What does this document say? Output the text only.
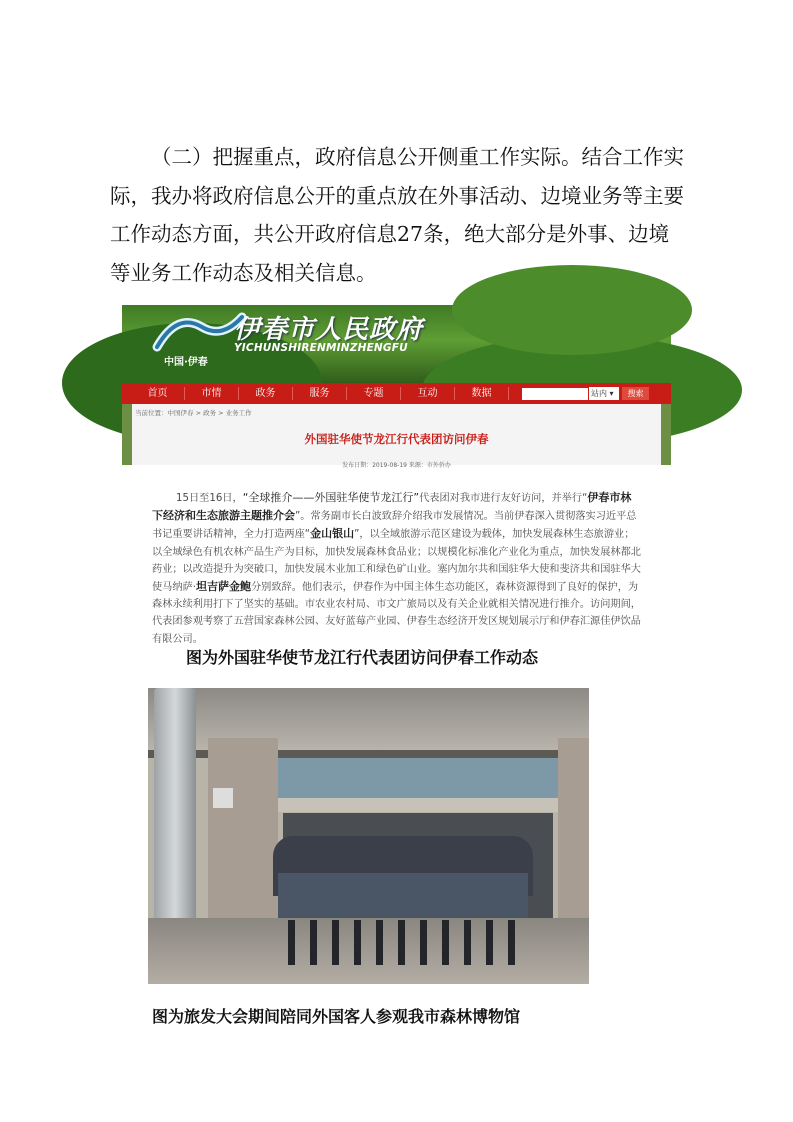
（二）把握重点，政府信息公开侧重工作实际。结合工作实
际，我办将政府信息公开的重点放在外事活动、边境业务等主要
工作动态方面，共公开政府信息27条，绝大部分是外事、边境
等业务工作动态及相关信息。
伊春市人民政府
YICHUNSHIRENMINZHENGFU
中国·伊春
首页	市情	政务	服务	专题	互动	数据	站内 ▾	搜索
当前位置：中国伊春 > 政务 > 业务工作
外国驻华使节龙江行代表团访问伊春
发布日期：2019-08-19 来源：市外侨办

15日至16日，“全球推介——外国驻华使节龙江行”代表团对我市进行友好访问，并举行“伊春市林下经济和生态旅游主题推介会”。常务副市长白波致辞介绍我市发展情况。当前伊春深入贯彻落实习近平总书记重要讲话精神，全力打造两座“金山银山”，以全域旅游示范区建设为载体，加快发展森林生态旅游业；以全域绿色有机农林产品生产为目标，加快发展森林食品业；以规模化标准化产业化为重点，加快发展林都北药业；以改造提升为突破口，加快发展木业加工和绿色矿山业。塞内加尔共和国驻华大使和斐济共和国驻华大使马纳萨·坦吉萨金鲍分别致辞。他们表示，伊春作为中国主体生态功能区，森林资源得到了良好的保护，为森林永续利用打下了坚实的基础。市农业农村局、市文广旅局以及有关企业就相关情况进行推介。访问期间，代表团参观考察了五营国家森林公园、友好蓝莓产业园、伊春生态经济开发区规划展示厅和伊春汇源佳伊饮品有限公司。

图为外国驻华使节龙江行代表团访问伊春工作动态
图为旅发大会期间陪同外国客人参观我市森林博物馆
